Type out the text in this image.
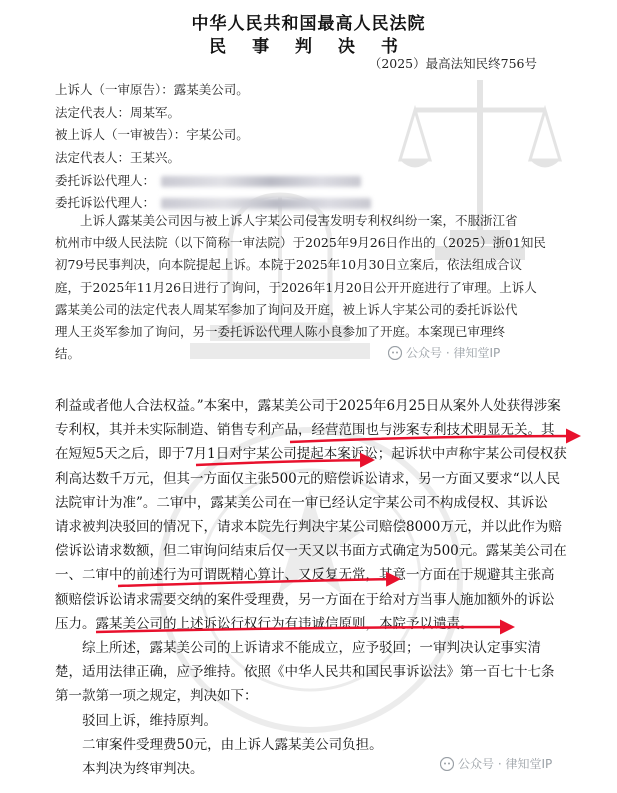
中华人民共和国最高人民法院
民 事 判 决 书
（2025）最高法知民终756号
上诉人（一审原告）：露某美公司。
法定代表人：周某军。
被上诉人（一审被告）：宇某公司。
法定代表人：王某兴。
委托诉讼代理人：
委托诉讼代理人：

上诉人露某美公司因与被上诉人宇某公司侵害发明专利权纠纷一案，不服浙江省

杭州市中级人民法院（以下简称一审法院）于2025年9月26日作出的（2025）浙01知民

初79号民事判决，向本院提起上诉。本院于2025年10月30日立案后，依法组成合议

庭，于2025年11月26日进行了询问，于2026年1月20日公开开庭进行了审理。上诉人

露某美公司的法定代表人周某军参加了询问及开庭，被上诉人宇某公司的委托诉讼代

理人王炎军参加了询问，另一委托诉讼代理人陈小良参加了开庭。本案现已审理终

结。	公众号 · 律知堂IP

利益或者他人合法权益。”本案中，露某美公司于2025年6月25日从案外人处获得涉案

专利权，其并未实际制造、销售专利产品，经营范围也与涉案专利技术明显无关。其

在短短5天之后，即于7月1日对宇某公司提起本案诉讼；起诉状中声称宇某公司侵权获

利高达数千万元，但其一方面仅主张500元的赔偿诉讼请求，另一方面又要求“以人民

法院审计为准”。二审中，露某美公司在一审已经认定宇某公司不构成侵权、其诉讼

请求被判决驳回的情况下，请求本院先行判决宇某公司赔偿8000万元，并以此作为赔

偿诉讼请求数额，但二审询问结束后仅一天又以书面方式确定为500元。露某美公司在

一、二审中的前述行为可谓既精心算计、又反复无常，其意一方面在于规避其主张高

额赔偿诉讼请求需要交纳的案件受理费，另一方面在于给对方当事人施加额外的诉讼

压力。露某美公司的上述诉讼行权行为有违诚信原则，本院予以谴责。

综上所述，露某美公司的上诉请求不能成立，应予驳回；一审判决认定事实清

楚，适用法律正确，应予维持。依照《中华人民共和国民事诉讼法》第一百七十七条

第一款第一项之规定，判决如下：

驳回上诉，维持原判。

二审案件受理费50元，由上诉人露某美公司负担。

本判决为终审判决。	公众号 · 律知堂IP
